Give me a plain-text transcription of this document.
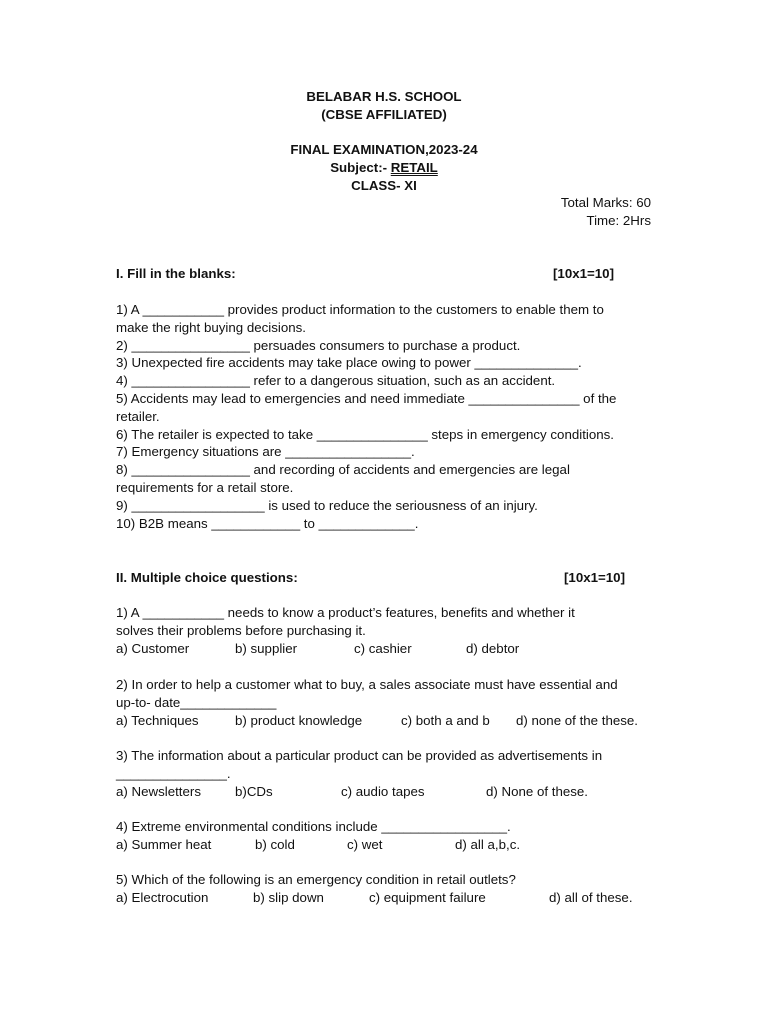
BELABAR H.S. SCHOOL
(CBSE AFFILIATED)
FINAL EXAMINATION,2023-24
Subject:- RETAIL
CLASS- XI
Total Marks: 60
Time: 2Hrs
I. Fill in the blanks:	[10x1=10]
1) A ___________ provides product information to the customers to enable them to
make the right buying decisions.
2) ________________ persuades consumers to purchase a product.
3) Unexpected fire accidents may take place owing to power ______________.
4) ________________ refer to a dangerous situation, such as an accident.
5) Accidents may lead to emergencies and need immediate _______________ of the
retailer.
6) The retailer is expected to take _______________ steps in emergency conditions.
7) Emergency situations are _________________.
8) ________________ and recording of accidents and emergencies are legal
requirements for a retail store.
9) __________________ is used to reduce the seriousness of an injury.
10) B2B means ____________ to _____________.
II. Multiple choice questions:	[10x1=10]
1) A ___________ needs to know a product’s features, benefits and whether it
solves their problems before purchasing it.
a) Customer	b) supplier	c) cashier	d) debtor
2) In order to help a customer what to buy, a sales associate must have essential and
up-to- date_____________
a) Techniques	b) product knowledge	c) both a and b d) none of the these.
3) The information about a particular product can be provided as advertisements in
_______________.
a) Newsletters	b)CDs	c) audio tapes	d) None of these.
4) Extreme environmental conditions include _________________.
a) Summer heat	b) cold	c) wet	d) all a,b,c.
5) Which of the following is an emergency condition in retail outlets?
a) Electrocution	b) slip down	c) equipment failure	d) all of these.
